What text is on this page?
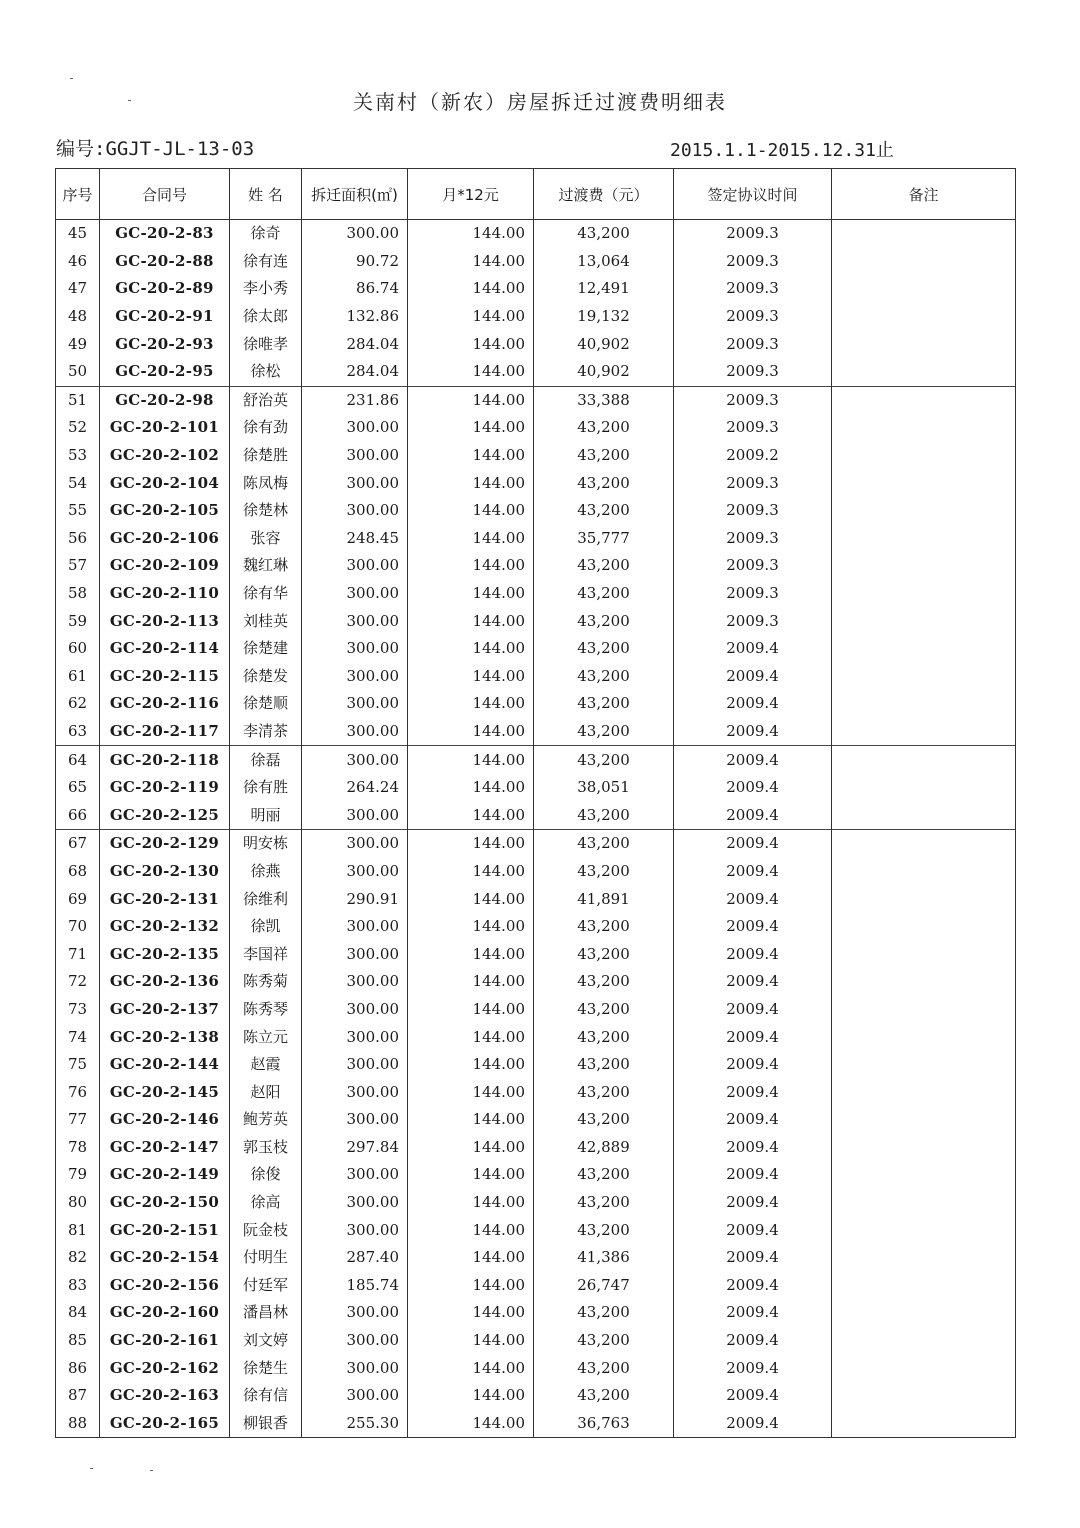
关南村（新农）房屋拆迁过渡费明细表
编号:GGJT-JL-13-03	2015.1.1-2015.12.31止
序号	合同号	姓 名	拆迁面积(㎡)	月*12元	过渡费（元）	签定协议时间	备注
45	GC-20-2-83	徐奇	300.00	144.00	43,200	2009.3	
46	GC-20-2-88	徐有连	90.72	144.00	13,064	2009.3	
47	GC-20-2-89	李小秀	86.74	144.00	12,491	2009.3	
48	GC-20-2-91	徐太郎	132.86	144.00	19,132	2009.3	
49	GC-20-2-93	徐唯孝	284.04	144.00	40,902	2009.3	
50	GC-20-2-95	徐松	284.04	144.00	40,902	2009.3	
51	GC-20-2-98	舒治英	231.86	144.00	33,388	2009.3	
52	GC-20-2-101	徐有劲	300.00	144.00	43,200	2009.3	
53	GC-20-2-102	徐楚胜	300.00	144.00	43,200	2009.2	
54	GC-20-2-104	陈凤梅	300.00	144.00	43,200	2009.3	
55	GC-20-2-105	徐楚林	300.00	144.00	43,200	2009.3	
56	GC-20-2-106	张容	248.45	144.00	35,777	2009.3	
57	GC-20-2-109	魏红琳	300.00	144.00	43,200	2009.3	
58	GC-20-2-110	徐有华	300.00	144.00	43,200	2009.3	
59	GC-20-2-113	刘桂英	300.00	144.00	43,200	2009.3	
60	GC-20-2-114	徐楚建	300.00	144.00	43,200	2009.4	
61	GC-20-2-115	徐楚发	300.00	144.00	43,200	2009.4	
62	GC-20-2-116	徐楚顺	300.00	144.00	43,200	2009.4	
63	GC-20-2-117	李清茶	300.00	144.00	43,200	2009.4	
64	GC-20-2-118	徐磊	300.00	144.00	43,200	2009.4	
65	GC-20-2-119	徐有胜	264.24	144.00	38,051	2009.4	
66	GC-20-2-125	明丽	300.00	144.00	43,200	2009.4	
67	GC-20-2-129	明安栋	300.00	144.00	43,200	2009.4	
68	GC-20-2-130	徐燕	300.00	144.00	43,200	2009.4	
69	GC-20-2-131	徐维利	290.91	144.00	41,891	2009.4	
70	GC-20-2-132	徐凯	300.00	144.00	43,200	2009.4	
71	GC-20-2-135	李国祥	300.00	144.00	43,200	2009.4	
72	GC-20-2-136	陈秀菊	300.00	144.00	43,200	2009.4	
73	GC-20-2-137	陈秀琴	300.00	144.00	43,200	2009.4	
74	GC-20-2-138	陈立元	300.00	144.00	43,200	2009.4	
75	GC-20-2-144	赵霞	300.00	144.00	43,200	2009.4	
76	GC-20-2-145	赵阳	300.00	144.00	43,200	2009.4	
77	GC-20-2-146	鲍芳英	300.00	144.00	43,200	2009.4	
78	GC-20-2-147	郭玉枝	297.84	144.00	42,889	2009.4	
79	GC-20-2-149	徐俊	300.00	144.00	43,200	2009.4	
80	GC-20-2-150	徐高	300.00	144.00	43,200	2009.4	
81	GC-20-2-151	阮金枝	300.00	144.00	43,200	2009.4	
82	GC-20-2-154	付明生	287.40	144.00	41,386	2009.4	
83	GC-20-2-156	付廷军	185.74	144.00	26,747	2009.4	
84	GC-20-2-160	潘昌林	300.00	144.00	43,200	2009.4	
85	GC-20-2-161	刘文婷	300.00	144.00	43,200	2009.4	
86	GC-20-2-162	徐楚生	300.00	144.00	43,200	2009.4	
87	GC-20-2-163	徐有信	300.00	144.00	43,200	2009.4	
88	GC-20-2-165	柳银香	255.30	144.00	36,763	2009.4	
